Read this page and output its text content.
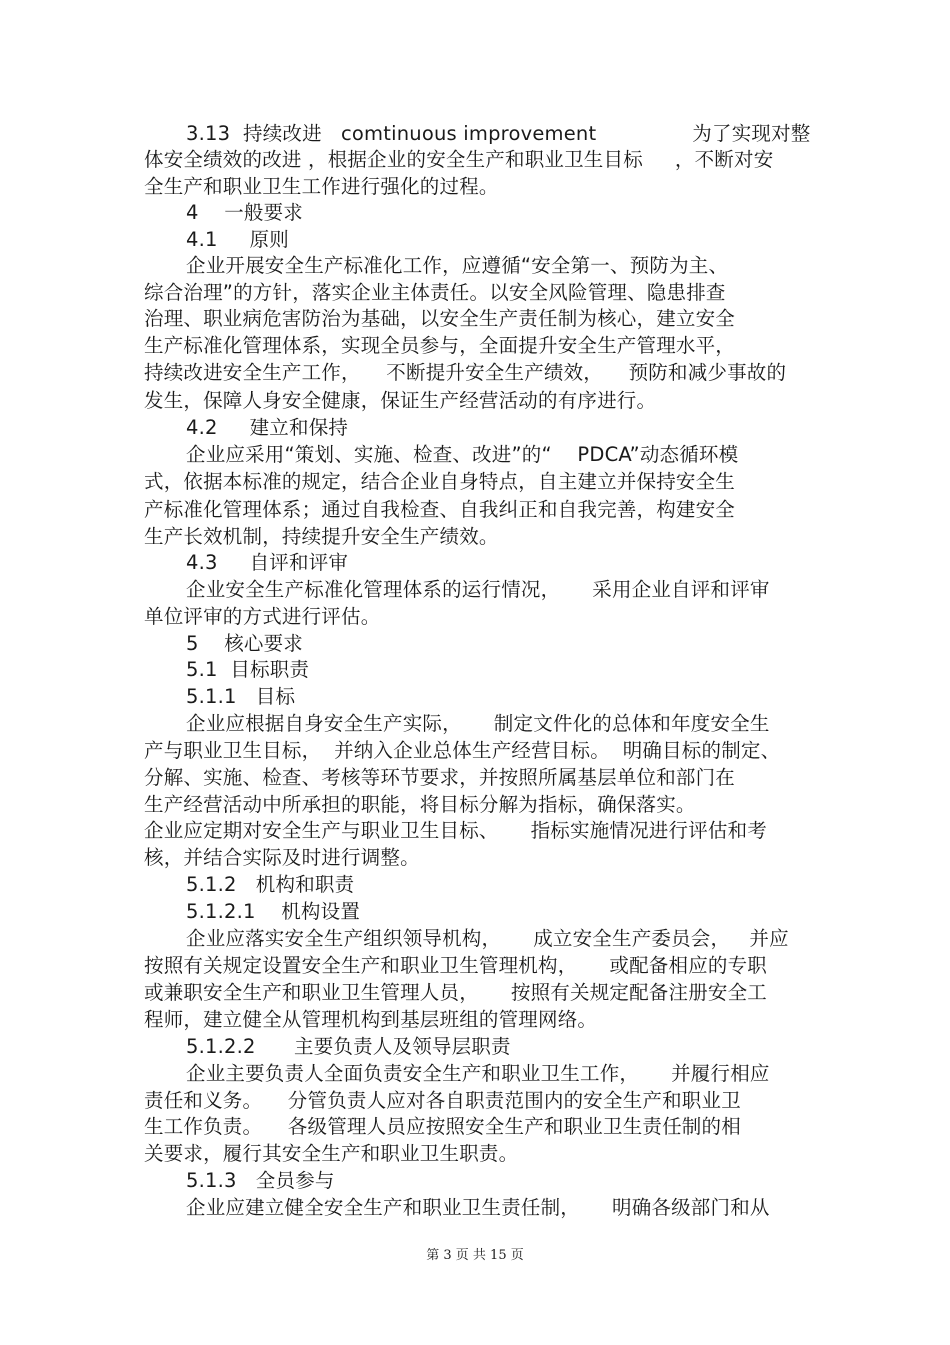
3.13  持续改进   comtinuous improvement               为了实现对整
体安全绩效的改进 ，根据企业的安全生产和职业卫生目标     ，不断对安
全生产和职业卫生工作进行强化的过程。
4    一般要求
4.1     原则
企业开展安全生产标准化工作，应遵循“安全第一、预防为主、
综合治理”的方针，落实企业主体责任。以安全风险管理、隐患排查
治理、职业病危害防治为基础，以安全生产责任制为核心，建立安全
生产标准化管理体系，实现全员参与，全面提升安全生产管理水平，
持续改进安全生产工作，    不断提升安全生产绩效，    预防和减少事故的
发生，保障人身安全健康，保证生产经营活动的有序进行。
4.2     建立和保持
企业应采用“策划、实施、检查、改进”的“    PDCA”动态循环模
式，依据本标准的规定，结合企业自身特点，自主建立并保持安全生
产标准化管理体系；通过自我检查、自我纠正和自我完善，构建安全
生产长效机制，持续提升安全生产绩效。
4.3     自评和评审
企业安全生产标准化管理体系的运行情况，     采用企业自评和评审
单位评审的方式进行评估。
5    核心要求
5.1  目标职责
5.1.1   目标
企业应根据自身安全生产实际，     制定文件化的总体和年度安全生
产与职业卫生目标，  并纳入企业总体生产经营目标。  明确目标的制定、
分解、实施、检查、考核等环节要求，并按照所属基层单位和部门在
生产经营活动中所承担的职能，将目标分解为指标，确保落实。
企业应定期对安全生产与职业卫生目标、     指标实施情况进行评估和考
核，并结合实际及时进行调整。
5.1.2   机构和职责
5.1.2.1    机构设置
企业应落实安全生产组织领导机构，     成立安全生产委员会，   并应
按照有关规定设置安全生产和职业卫生管理机构，     或配备相应的专职
或兼职安全生产和职业卫生管理人员，     按照有关规定配备注册安全工
程师，建立健全从管理机构到基层班组的管理网络。
5.1.2.2      主要负责人及领导层职责
企业主要负责人全面负责安全生产和职业卫生工作，     并履行相应
责任和义务。    分管负责人应对各自职责范围内的安全生产和职业卫
生工作负责。    各级管理人员应按照安全生产和职业卫生责任制的相
关要求，履行其安全生产和职业卫生职责。
5.1.3   全员参与
企业应建立健全安全生产和职业卫生责任制，     明确各级部门和从
第 3 页 共 15 页
